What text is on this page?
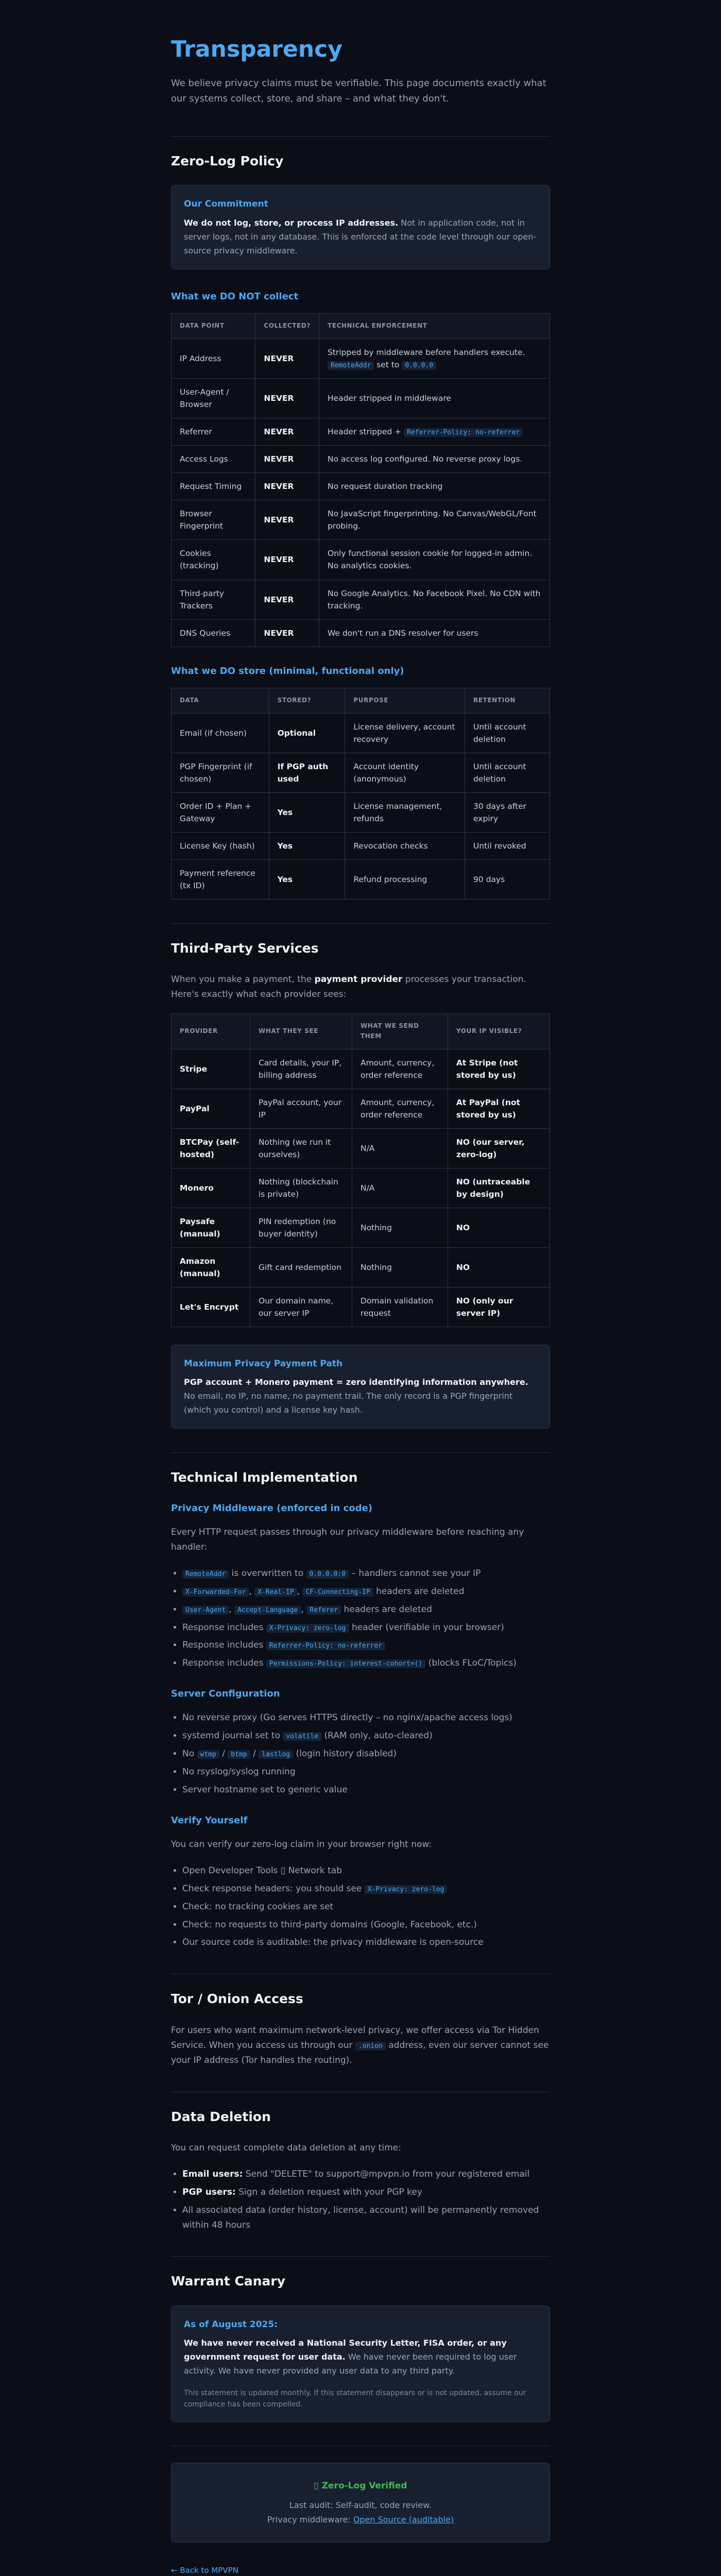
Transparency

We believe privacy claims must be verifiable. This page documents exactly what our systems collect, store, and share – and what they don't.

Zero-Log Policy
Our Commitment

We do not log, store, or process IP addresses. Not in application code, not in server logs, not in any database. This is enforced at the code level through our open-source privacy middleware.

What we DO NOT collect
DATA POINT	COLLECTED?	TECHNICAL ENFORCEMENT
IP Address	NEVER	Stripped by middleware before handlers execute. RemoteAddr set to 0.0.0.0
User-Agent / Browser	NEVER	Header stripped in middleware
Referrer	NEVER	Header stripped + Referrer-Policy: no-referrer
Access Logs	NEVER	No access log configured. No reverse proxy logs.
Request Timing	NEVER	No request duration tracking
Browser Fingerprint	NEVER	No JavaScript fingerprinting. No Canvas/WebGL/Font probing.
Cookies (tracking)	NEVER	Only functional session cookie for logged-in admin. No analytics cookies.
Third-party Trackers	NEVER	No Google Analytics. No Facebook Pixel. No CDN with tracking.
DNS Queries	NEVER	We don't run a DNS resolver for users
What we DO store (minimal, functional only)
DATA	STORED?	PURPOSE	RETENTION
Email (if chosen)	Optional	License delivery, account recovery	Until account deletion
PGP Fingerprint (if chosen)	If PGP auth used	Account identity (anonymous)	Until account deletion
Order ID + Plan + Gateway	Yes	License management, refunds	30 days after expiry
License Key (hash)	Yes	Revocation checks	Until revoked
Payment reference (tx ID)	Yes	Refund processing	90 days
Third-Party Services

When you make a payment, the payment provider processes your transaction. Here's exactly what each provider sees:

PROVIDER	WHAT THEY SEE	WHAT WE SEND THEM	YOUR IP VISIBLE?
Stripe	Card details, your IP, billing address	Amount, currency, order reference	At Stripe (not stored by us)
PayPal	PayPal account, your IP	Amount, currency, order reference	At PayPal (not stored by us)
BTCPay (self-hosted)	Nothing (we run it ourselves)	N/A	NO (our server, zero-log)
Monero	Nothing (blockchain is private)	N/A	NO (untraceable by design)
Paysafe (manual)	PIN redemption (no buyer identity)	Nothing	NO
Amazon (manual)	Gift card redemption	Nothing	NO
Let's Encrypt	Our domain name, our server IP	Domain validation request	NO (only our server IP)
Maximum Privacy Payment Path

PGP account + Monero payment = zero identifying information anywhere.
No email, no IP, no name, no payment trail. The only record is a PGP fingerprint (which you control) and a license key hash.

Technical Implementation
Privacy Middleware (enforced in code)

Every HTTP request passes through our privacy middleware before reaching any handler:

• RemoteAddr is overwritten to 0.0.0.0:0 – handlers cannot see your IP
• X-Forwarded-For , X-Real-IP , CF-Connecting-IP headers are deleted
• User-Agent , Accept-Language , Referer headers are deleted
• Response includes X-Privacy: zero-log header (verifiable in your browser)
• Response includes Referrer-Policy: no-referrer
• Response includes Permissions-Policy: interest-cohort=() (blocks FLoC/Topics)
Server Configuration
• No reverse proxy (Go serves HTTPS directly – no nginx/apache access logs)
• systemd journal set to volatile (RAM only, auto-cleared)
• No wtmp / btmp / lastlog (login history disabled)
• No rsyslog/syslog running
• Server hostname set to generic value
Verify Yourself

You can verify our zero-log claim in your browser right now:

• Open Developer Tools ▯ Network tab
• Check response headers: you should see X-Privacy: zero-log
• Check: no tracking cookies are set
• Check: no requests to third-party domains (Google, Facebook, etc.)
• Our source code is auditable: the privacy middleware is open-source
Tor / Onion Access

For users who want maximum network-level privacy, we offer access via Tor Hidden Service. When you access us through our .onion address, even our server cannot see your IP address (Tor handles the routing).

Data Deletion

You can request complete data deletion at any time:

• Email users: Send "DELETE" to support@mpvpn.io from your registered email
• PGP users: Sign a deletion request with your PGP key
• All associated data (order history, license, account) will be permanently removed within 48 hours
Warrant Canary
As of August 2025:

We have never received a National Security Letter, FISA order, or any government request for user data. We have never been required to log user activity. We have never provided any user data to any third party.

This statement is updated monthly. If this statement disappears or is not updated, assume our compliance has been compelled.
▯ Zero-Log Verified

Last audit: Self-audit, code review.

Privacy middleware: Open Source (auditable)

← Back to MPVPN
